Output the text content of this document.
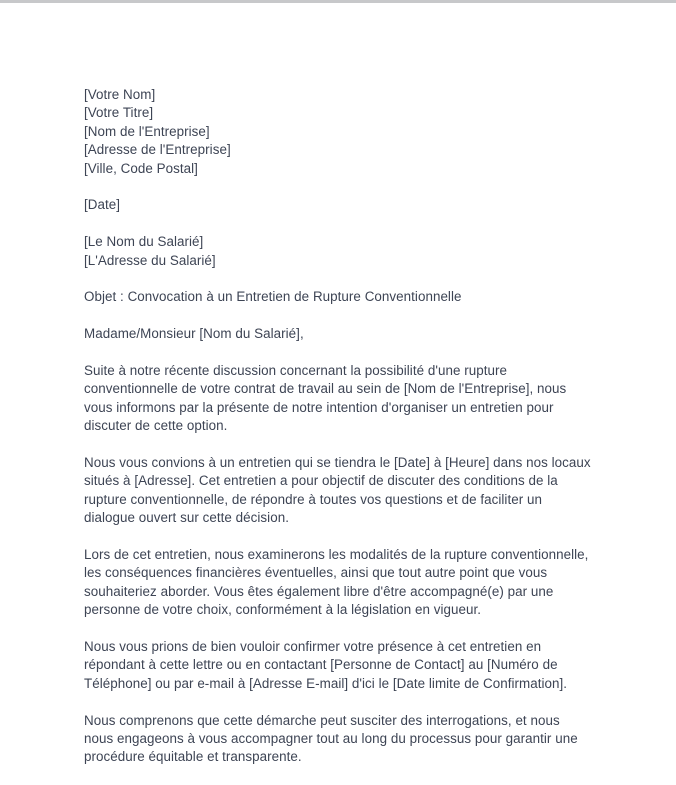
[Votre Nom]
[Votre Titre]
[Nom de l'Entreprise]
[Adresse de l'Entreprise]
[Ville, Code Postal]
[Date]
[Le Nom du Salarié]
[L'Adresse du Salarié]
Objet : Convocation à un Entretien de Rupture Conventionnelle
Madame/Monsieur [Nom du Salarié],
Suite à notre récente discussion concernant la possibilité d'une rupture
conventionnelle de votre contrat de travail au sein de [Nom de l'Entreprise], nous
vous informons par la présente de notre intention d'organiser un entretien pour
discuter de cette option.
Nous vous convions à un entretien qui se tiendra le [Date] à [Heure] dans nos locaux
situés à [Adresse]. Cet entretien a pour objectif de discuter des conditions de la
rupture conventionnelle, de répondre à toutes vos questions et de faciliter un
dialogue ouvert sur cette décision.
Lors de cet entretien, nous examinerons les modalités de la rupture conventionnelle,
les conséquences financières éventuelles, ainsi que tout autre point que vous
souhaiteriez aborder. Vous êtes également libre d'être accompagné(e) par une
personne de votre choix, conformément à la législation en vigueur.
Nous vous prions de bien vouloir confirmer votre présence à cet entretien en
répondant à cette lettre ou en contactant [Personne de Contact] au [Numéro de
Téléphone] ou par e-mail à [Adresse E-mail] d'ici le [Date limite de Confirmation].
Nous comprenons que cette démarche peut susciter des interrogations, et nous
nous engageons à vous accompagner tout au long du processus pour garantir une
procédure équitable et transparente.
